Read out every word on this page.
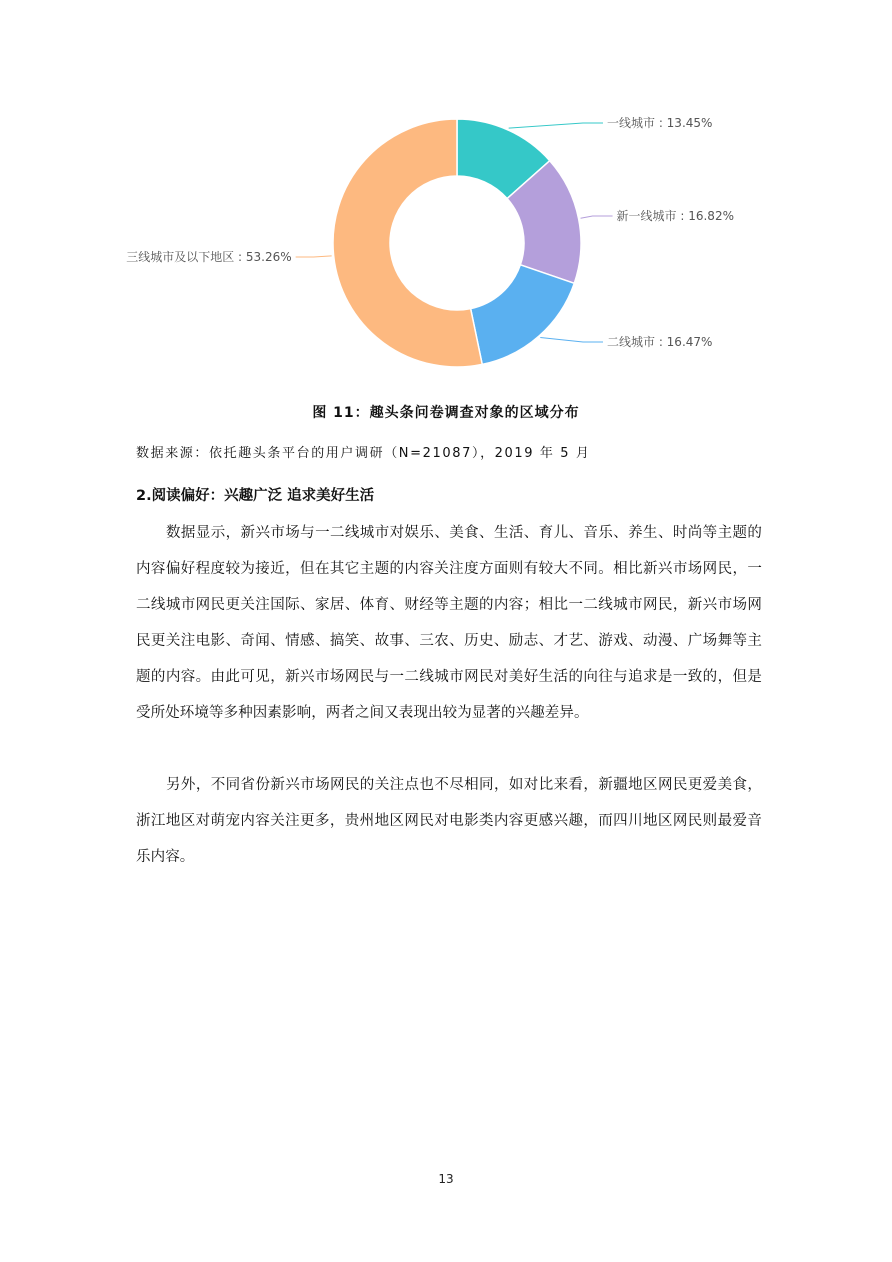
一线城市 : 13.45%
新一线城市 : 16.82%
二线城市 : 16.47%
三线城市及以下地区 : 53.26%
图 11：趣头条问卷调查对象的区域分布
数据来源：依托趣头条平台的用户调研（N=21087），2019 年 5 月
2.阅读偏好：兴趣广泛 追求美好生活
数据显示，新兴市场与一二线城市对娱乐、美食、生活、育儿、音乐、养生、时尚等主题的内容偏好程度较为接近，但在其它主题的内容关注度方面则有较大不同。相比新兴市场网民，一二线城市网民更关注国际、家居、体育、财经等主题的内容；相比一二线城市网民，新兴市场网民更关注电影、奇闻、情感、搞笑、故事、三农、历史、励志、才艺、游戏、动漫、广场舞等主题的内容。由此可见，新兴市场网民与一二线城市网民对美好生活的向往与追求是一致的，但是受所处环境等多种因素影响，两者之间又表现出较为显著的兴趣差异。
另外，不同省份新兴市场网民的关注点也不尽相同，如对比来看，新疆地区网民更爱美食，浙江地区对萌宠内容关注更多，贵州地区网民对电影类内容更感兴趣，而四川地区网民则最爱音乐内容。
13
